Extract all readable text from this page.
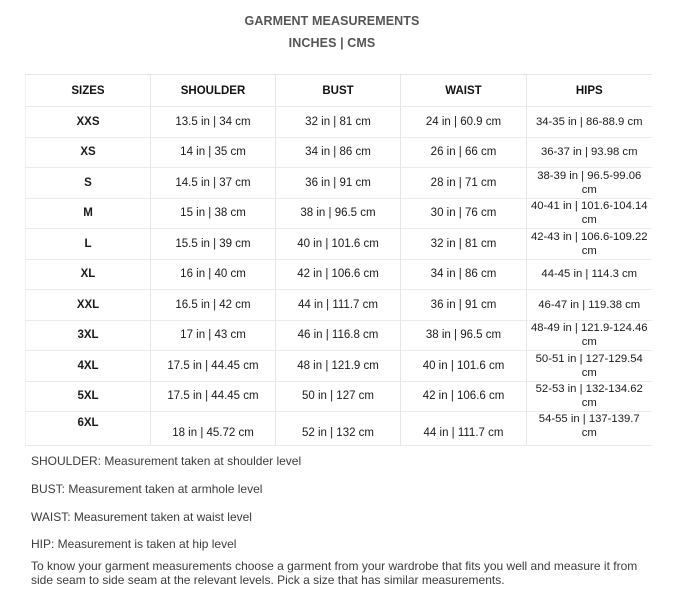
GARMENT MEASUREMENTS
INCHES | CMS
SIZES	SHOULDER	BUST	WAIST	HIPS
XXS	13.5 in | 34 cm	32 in | 81 cm	24 in | 60.9 cm	34-35 in | 86-88.9 cm
XS	14 in | 35 cm	34 in | 86 cm	26 in | 66 cm	36-37 in | 93.98 cm
S	14.5 in | 37 cm	36 in | 91 cm	28 in | 71 cm	38-39 in | 96.5-99.06 cm
M	15 in | 38 cm	38 in | 96.5 cm	30 in | 76 cm	40-41 in | 101.6-104.14 cm
L	15.5 in | 39 cm	40 in | 101.6 cm	32 in | 81 cm	42-43 in | 106.6-109.22 cm
XL	16 in | 40 cm	42 in | 106.6 cm	34 in | 86 cm	44-45 in | 114.3 cm
XXL	16.5 in | 42 cm	44 in | 111.7 cm	36 in | 91 cm	46-47 in | 119.38 cm
3XL	17 in | 43 cm	46 in | 116.8 cm	38 in | 96.5 cm	48-49 in | 121.9-124.46 cm
4XL	17.5 in | 44.45 cm	48 in | 121.9 cm	40 in | 101.6 cm	50-51 in | 127-129.54 cm
5XL	17.5 in | 44.45 cm	50 in | 127 cm	42 in | 106.6 cm	52-53 in | 132-134.62 cm
6XL	18 in | 45.72 cm	52 in | 132 cm	44 in | 111.7 cm	54-55 in | 137-139.7 cm
SHOULDER: Measurement taken at shoulder level
BUST: Measurement taken at armhole level
WAIST: Measurement taken at waist level
HIP: Measurement is taken at hip level
To know your garment measurements choose a garment from your wardrobe that fits you well and measure it from side seam to side seam at the relevant levels. Pick a size that has similar measurements.
